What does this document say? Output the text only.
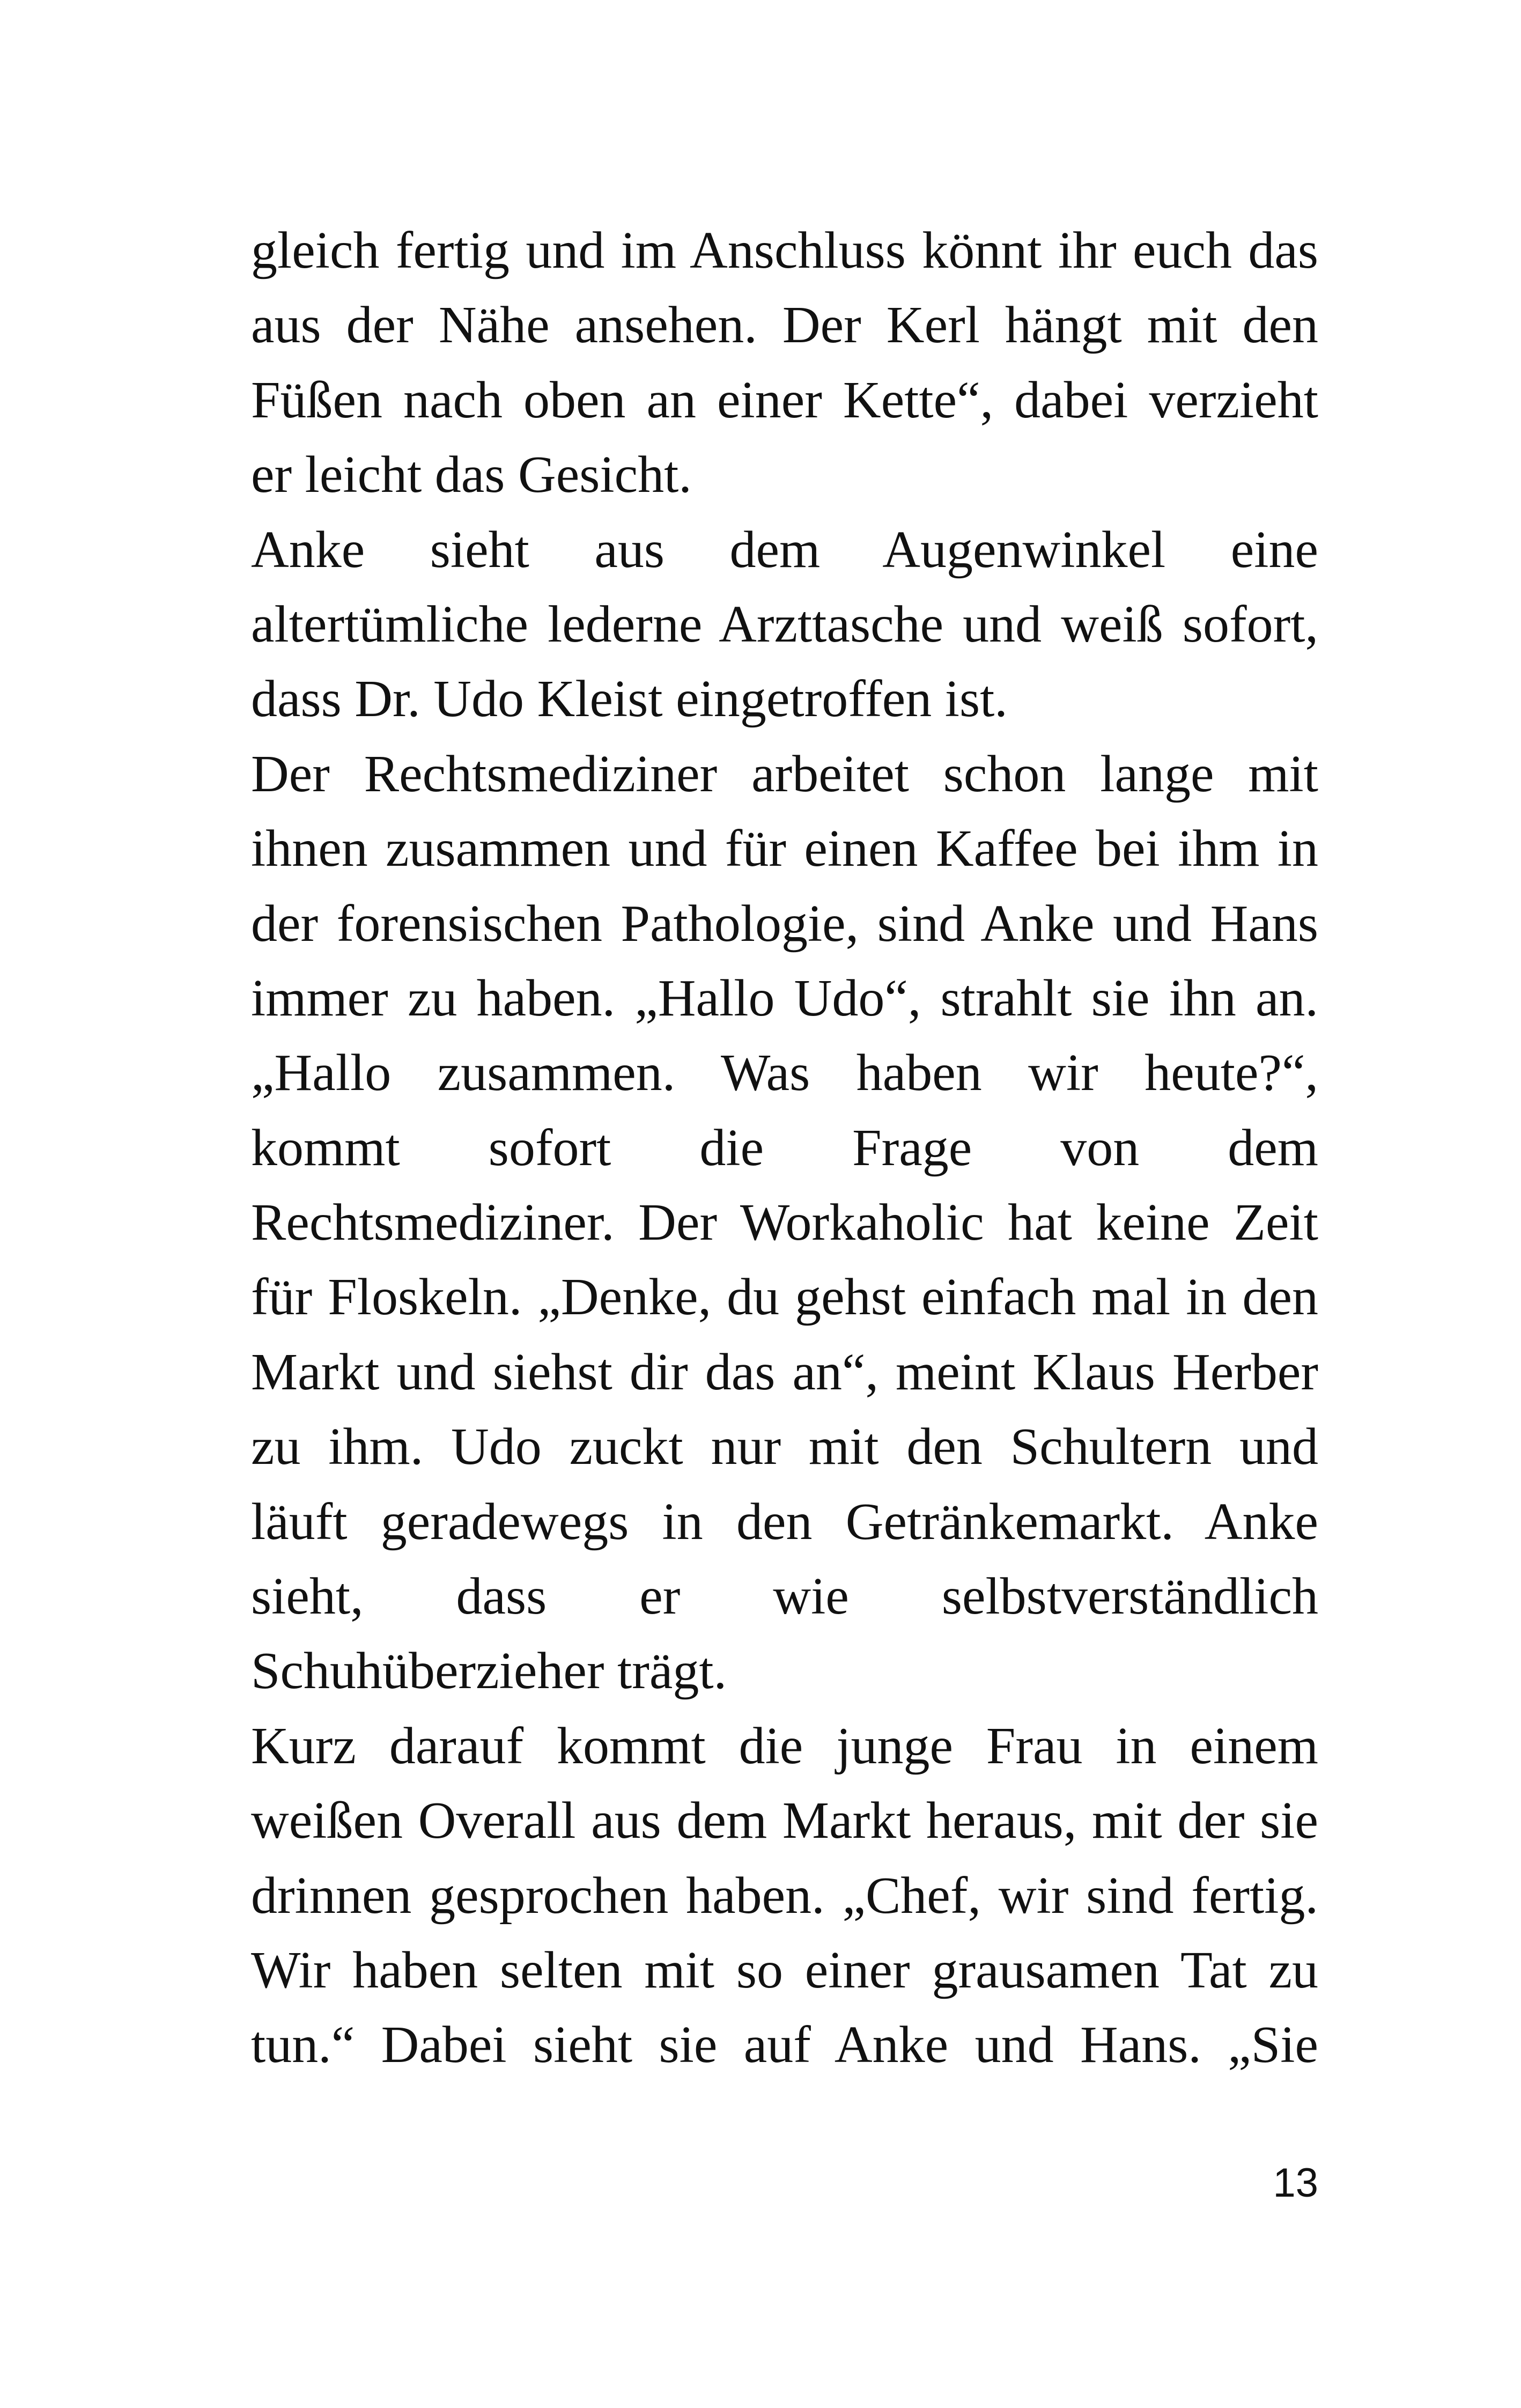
gleich fertig und im Anschluss könnt ihr euch das
aus der Nähe ansehen. Der Kerl hängt mit den
Füßen nach oben an einer Kette“, dabei verzieht
er leicht das Gesicht.
Anke sieht aus dem Augenwinkel eine
altertümliche lederne Arzttasche und weiß sofort,
dass Dr. Udo Kleist eingetroffen ist.
Der Rechtsmediziner arbeitet schon lange mit
ihnen zusammen und für einen Kaffee bei ihm in
der forensischen Pathologie, sind Anke und Hans
immer zu haben. „Hallo Udo“, strahlt sie ihn an.
„Hallo zusammen. Was haben wir heute?“,
kommt sofort die Frage von dem
Rechtsmediziner. Der Workaholic hat keine Zeit
für Floskeln. „Denke, du gehst einfach mal in den
Markt und siehst dir das an“, meint Klaus Herber
zu ihm. Udo zuckt nur mit den Schultern und
läuft geradewegs in den Getränkemarkt. Anke
sieht, dass er wie selbstverständlich
Schuhüberzieher trägt.
Kurz darauf kommt die junge Frau in einem
weißen Overall aus dem Markt heraus, mit der sie
drinnen gesprochen haben. „Chef, wir sind fertig.
Wir haben selten mit so einer grausamen Tat zu
tun.“ Dabei sieht sie auf Anke und Hans. „Sie
13
